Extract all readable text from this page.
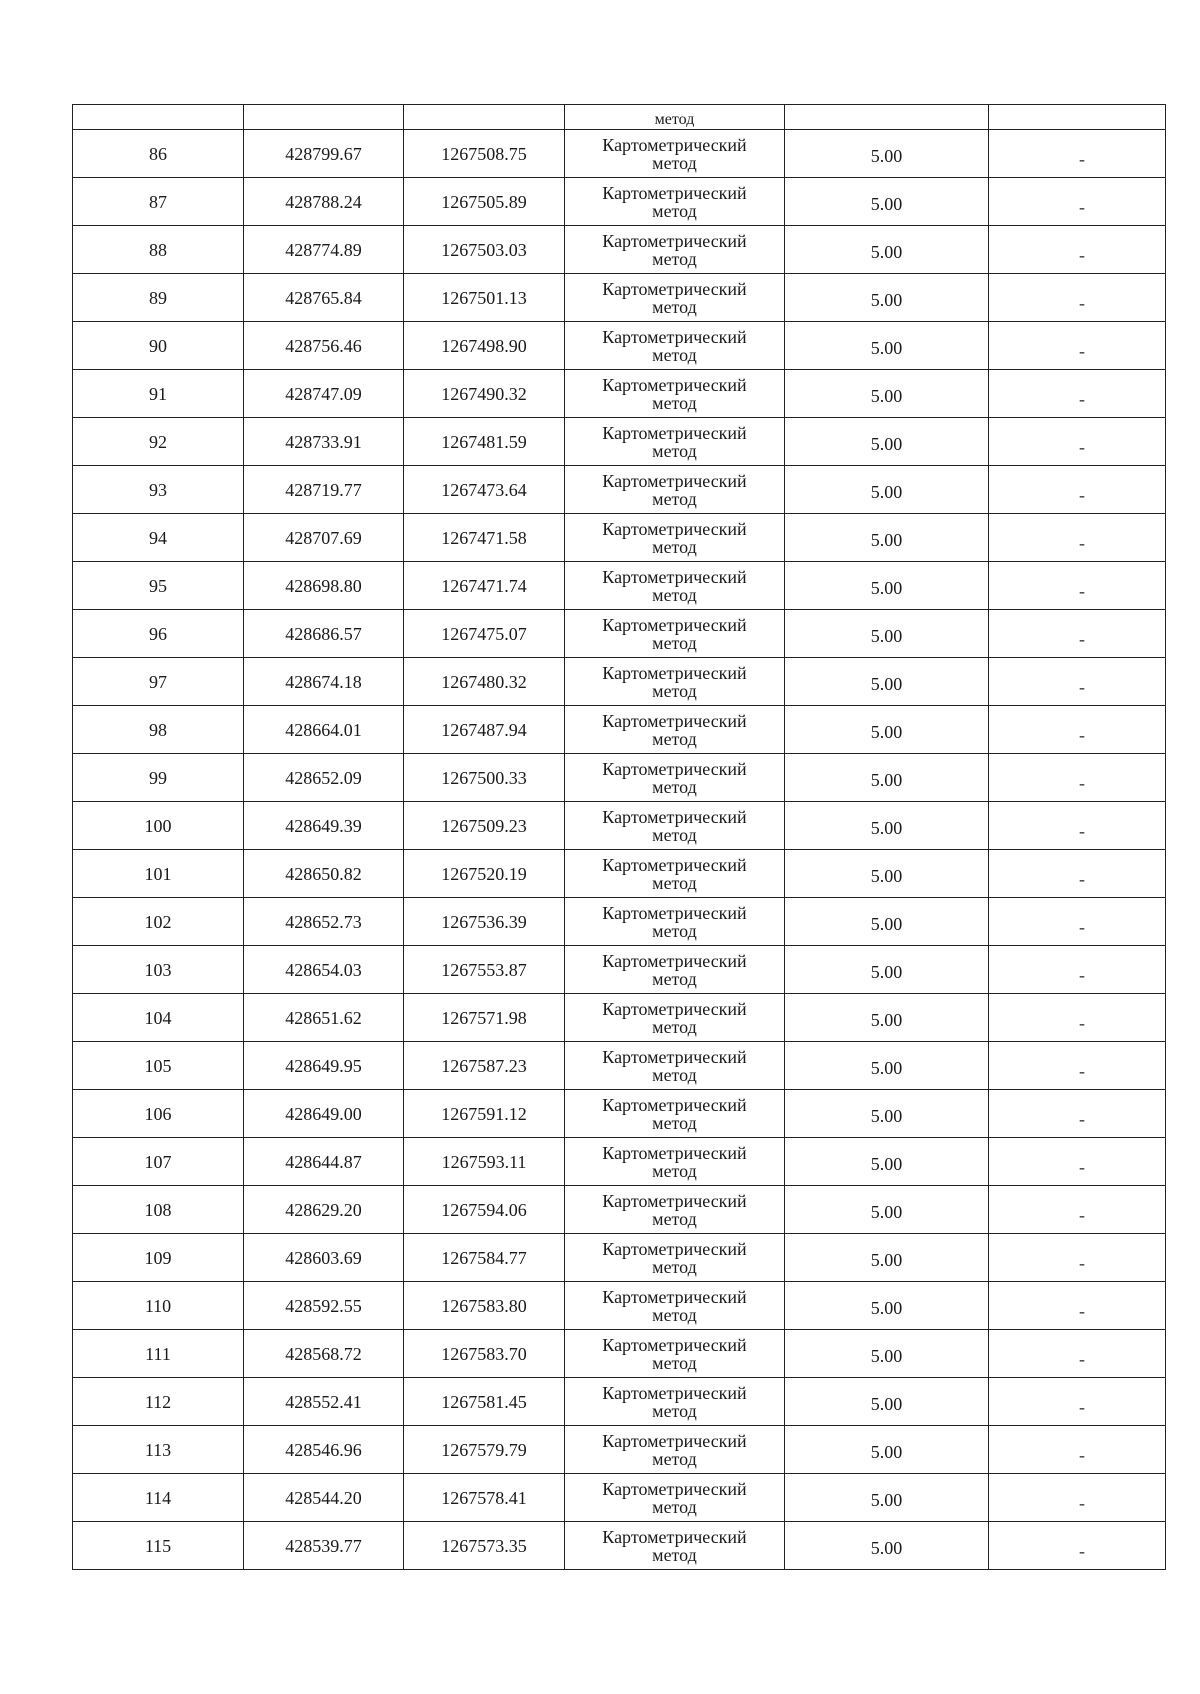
			метод		
86	428799.67	1267508.75	Картометрический
метод	5.00	-
87	428788.24	1267505.89	Картометрический
метод	5.00	-
88	428774.89	1267503.03	Картометрический
метод	5.00	-
89	428765.84	1267501.13	Картометрический
метод	5.00	-
90	428756.46	1267498.90	Картометрический
метод	5.00	-
91	428747.09	1267490.32	Картометрический
метод	5.00	-
92	428733.91	1267481.59	Картометрический
метод	5.00	-
93	428719.77	1267473.64	Картометрический
метод	5.00	-
94	428707.69	1267471.58	Картометрический
метод	5.00	-
95	428698.80	1267471.74	Картометрический
метод	5.00	-
96	428686.57	1267475.07	Картометрический
метод	5.00	-
97	428674.18	1267480.32	Картометрический
метод	5.00	-
98	428664.01	1267487.94	Картометрический
метод	5.00	-
99	428652.09	1267500.33	Картометрический
метод	5.00	-
100	428649.39	1267509.23	Картометрический
метод	5.00	-
101	428650.82	1267520.19	Картометрический
метод	5.00	-
102	428652.73	1267536.39	Картометрический
метод	5.00	-
103	428654.03	1267553.87	Картометрический
метод	5.00	-
104	428651.62	1267571.98	Картометрический
метод	5.00	-
105	428649.95	1267587.23	Картометрический
метод	5.00	-
106	428649.00	1267591.12	Картометрический
метод	5.00	-
107	428644.87	1267593.11	Картометрический
метод	5.00	-
108	428629.20	1267594.06	Картометрический
метод	5.00	-
109	428603.69	1267584.77	Картометрический
метод	5.00	-
110	428592.55	1267583.80	Картометрический
метод	5.00	-
111	428568.72	1267583.70	Картометрический
метод	5.00	-
112	428552.41	1267581.45	Картометрический
метод	5.00	-
113	428546.96	1267579.79	Картометрический
метод	5.00	-
114	428544.20	1267578.41	Картометрический
метод	5.00	-
115	428539.77	1267573.35	Картометрический
метод	5.00	-
